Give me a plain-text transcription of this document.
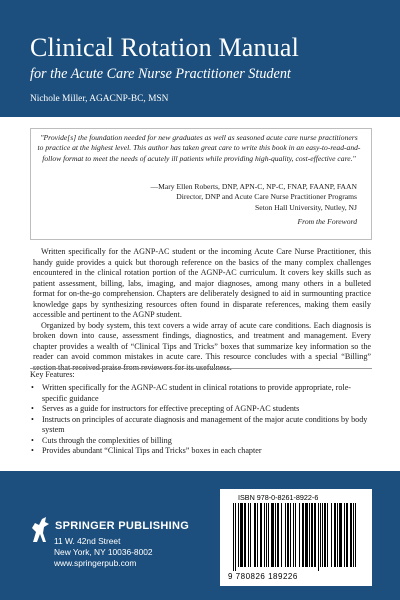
Clinical Rotation Manual
for the Acute Care Nurse Practitioner Student
Nichole Miller, AGACNP-BC, MSN
"Provide[s] the foundation needed for new graduates as well as seasoned acute care nurse practitioners to practice at the highest level. This author has taken great care to write this book in an easy-to-read-and-follow format to meet the needs of acutely ill patients while providing high-quality, cost-effective care."
—Mary Ellen Roberts, DNP, APN-C, NP-C, FNAP, FAANP, FAAN
Director, DNP and Acute Care Nurse Practitioner Programs
Seton Hall University, Nutley, NJ
From the Foreword

Written specifically for the AGNP-AC student or the incoming Acute Care Nurse Practitioner, this handy guide provides a quick but thorough reference on the basics of the many complex challenges encountered in the clinical rotation portion of the AGNP-AC curriculum. It covers key skills such as patient assessment, billing, labs, imaging, and major diagnoses, among many others in a bulleted format for on-the-go comprehension. Chapters are deliberately designed to aid in surmounting practice knowledge gaps by synthesizing resources often found in disparate references, making them easily accessible and pertinent to the AGNP student.

Organized by body system, this text covers a wide array of acute care conditions. Each diagnosis is broken down into cause, assessment findings, diagnostics, and treatment and management. Every chapter provides a wealth of “Clinical Tips and Tricks” boxes that summarize key information so the reader can avoid common mistakes in acute care. This resource concludes with a special “Billing” section that received praise from reviewers for its usefulness.

Key Features:
• Written specifically for the AGNP-AC student in clinical rotations to provide appropriate, role-specific guidance
• Serves as a guide for instructors for effective precepting of AGNP-AC students
• Instructs on principles of accurate diagnosis and management of the major acute conditions by body system
• Cuts through the complexities of billing
• Provides abundant “Clinical Tips and Tricks” boxes in each chapter
SPRINGER PUBLISHING
11 W. 42nd Street
New York, NY 10036-8002
www.springerpub.com
ISBN 978-0-8261-8922-6
9 780826 189226
